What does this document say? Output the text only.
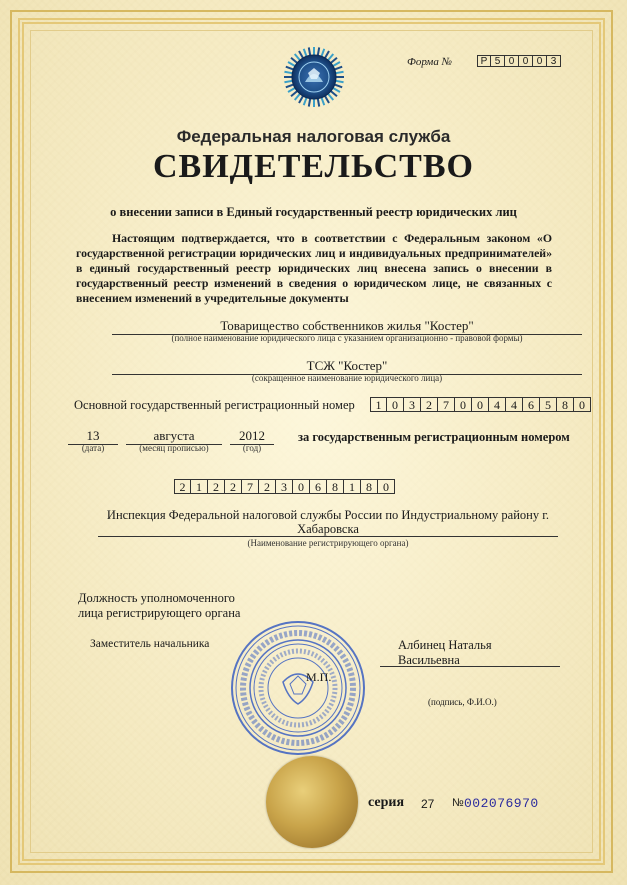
Форма №	Р 5 0 0 0 3
Федеральная налоговая служба
СВИДЕТЕЛЬСТВО
о внесении записи в Единый государственный реестр юридических лиц
Настоящим подтверждается, что в соответствии с Федеральным законом «О государственной регистрации юридических лиц и индивидуальных предпринимателей» в единый государственный реестр юридических лиц внесена запись о внесении в государственный реестр изменений в сведения о юридическом лице, не связанных с внесением изменений в учредительные документы
Товарищество собственников жилья "Костер"
(полное наименование юридического лица с указанием организационно - правовой формы)
ТСЖ "Костер"
(сокращенное наименование юридического лица)
Основной государственный регистрационный номер	1 0 3 2 7 0 0 4 4 6 5 8 0
13	августа	2012
(дата)	(месяц прописью)	(год)
за государственным регистрационным номером
2 1 2 2 7 2 3 0 6 8 1 8 0
Инспекция Федеральной налоговой службы России по Индустриальному району г. Хабаровска
(Наименование регистрирующего органа)
Должность уполномоченного лица регистрирующего органа
Заместитель начальника	Албинец Наталья Васильевна
(подпись, Ф.И.О.)
М.П.
серия 27 № 002076970
